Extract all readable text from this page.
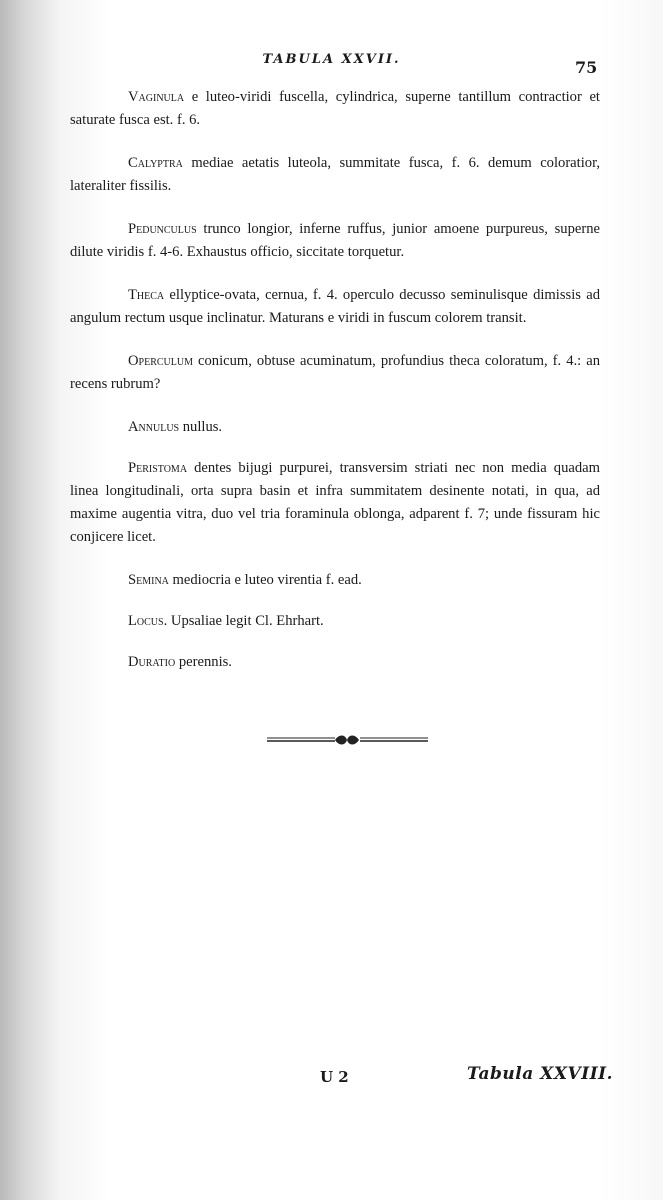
TABULA XXVII.	75

Vaginula e luteo-viridi fuscella, cylindrica, superne tantillum contractior et saturate fusca est. f. 6.

Calyptra mediae aetatis luteola, summitate fusca, f. 6. demum coloratior, lateraliter fissilis.

Pedunculus trunco longior, inferne ruffus, junior amoene purpureus, superne dilute viridis f. 4-6. Exhaustus officio, siccitate torquetur.

Theca ellyptice-ovata, cernua, f. 4. operculo decusso seminulisque dimissis ad angulum rectum usque inclinatur. Maturans e viridi in fuscum colorem transit.

Operculum conicum, obtuse acuminatum, profundius theca coloratum, f. 4.: an recens rubrum?

Annulus nullus.

Peristoma dentes bijugi purpurei, transversim striati nec non media quadam linea longitudinali, orta supra basin et infra summitatem desinente notati, in qua, ad maxime augentia vitra, duo vel tria foraminula oblonga, adparent f. 7; unde fissuram hic conjicere licet.

Semina mediocria e luteo virentia f. ead.

Locus. Upsaliae legit Cl. Ehrhart.

Duratio perennis.

U 2	Tabula XXVIII.
